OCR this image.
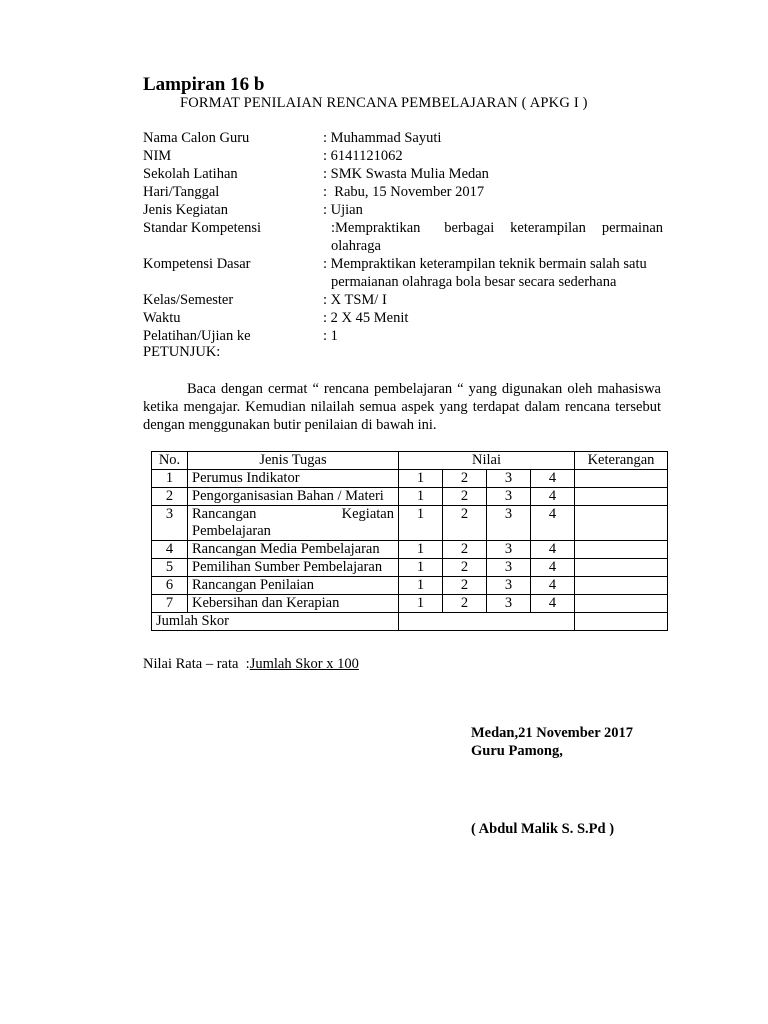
Lampiran 16 b
FORMAT PENILAIAN RENCANA PEMBELAJARAN ( APKG I )
Nama Calon Guru	: Muhammad Sayuti
NIM	: 6141121062
Sekolah Latihan	: SMK Swasta Mulia Medan
Hari/Tanggal	:  Rabu, 15 November 2017
Jenis Kegiatan	: Ujian
Standar Kompetensi	:Mempraktikan   berbagai  keterampilan  permainan
olahraga
Kompetensi Dasar	: Mempraktikan keterampilan teknik bermain salah satu
permaianan olahraga bola besar secara sederhana
Kelas/Semester	: X TSM/ I
Waktu	: 2 X 45 Menit
Pelatihan/Ujian ke	: 1
PETUNJUK:
Baca dengan cermat “ rencana pembelajaran “ yang digunakan oleh mahasiswa ketika mengajar. Kemudian nilailah semua aspek yang terdapat dalam rencana tersebut dengan menggunakan butir penilaian di bawah ini.
No.	Jenis Tugas	Nilai				Keterangan
1	Perumus Indikator	1	2	3	4	
2	Pengorganisasian Bahan / Materi	1	2	3	4	
3	Rancangan Kegiatan
Pembelajaran	1	2	3	4	
4	Rancangan Media Pembelajaran	1	2	3	4	
5	Pemilihan Sumber Pembelajaran	1	2	3	4	
6	Rancangan Penilaian	1	2	3	4	
7	Kebersihan dan Kerapian	1	2	3	4	
Jumlah Skor						
Nilai Rata – rata  :Jumlah Skor x 100
Medan,21 November 2017
Guru Pamong,
( Abdul Malik S. S.Pd )
